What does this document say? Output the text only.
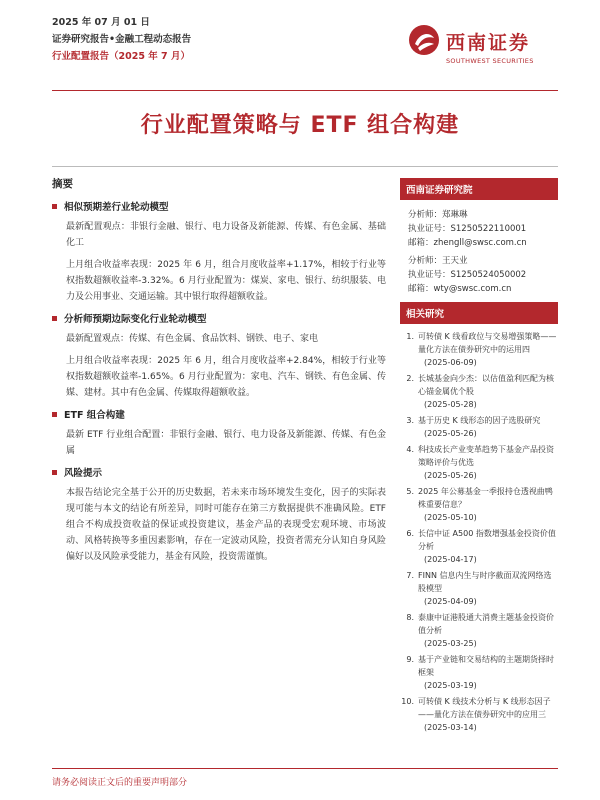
2025 年 07 月 01 日
证券研究报告•金融工程动态报告
行业配置报告（2025 年 7 月）
西南证券
SOUTHWEST SECURITIES
行业配置策略与 ETF 组合构建
摘要
相似预期差行业轮动模型

最新配置观点：非银行金融、银行、电力设备及新能源、传媒、有色金属、基础化工

上月组合收益率表现：2025 年 6 月，组合月度收益率+1.17%，相较于行业等权指数超额收益率-3.32%。6 月行业配置为：煤炭、家电、银行、纺织服装、电力及公用事业、交通运输。其中银行取得超额收益。

分析师预期边际变化行业轮动模型

最新配置观点：传媒、有色金属、食品饮料、钢铁、电子、家电

上月组合收益率表现：2025 年 6 月，组合月度收益率+2.84%，相较于行业等权指数超额收益率-1.65%。6 月行业配置为：家电、汽车、钢铁、有色金属、传媒、建材。其中有色金属、传媒取得超额收益。

ETF 组合构建

最新 ETF 行业组合配置：非银行金融、银行、电力设备及新能源、传媒、有色金属

风险提示

本报告结论完全基于公开的历史数据，若未来市场环境发生变化，因子的实际表现可能与本文的结论有所差异，同时可能存在第三方数据提供不准确风险。ETF 组合不构成投资收益的保证或投资建议，基金产品的表现受宏观环境、市场波动、风格转换等多重因素影响，存在一定波动风险，投资者需充分认知自身风险偏好以及风险承受能力，基金有风险，投资需谨慎。

西南证券研究院
分析师：郑琳琳
执业证号：S1250522110001
邮箱：zhengll@swsc.com.cn
分析师：王天业
执业证号：S1250524050002
邮箱：wty@swsc.com.cn
相关研究
1. 可转债 K 线看政位与交易增强策略——量化方法在债券研究中的运用四
(2025-06-09)
2. 长城基金向少杰：以估值盈利匹配为核心锚金属优个股
(2025-05-28)
3. 基于历史 K 线形态的因子选股研究
(2025-05-26)
4. 科技成长产业变革趋势下基金产品投资策略评价与优选
(2025-05-26)
5. 2025 年公募基金一季报持仓透视曲鸭株重要信息？
(2025-05-10)
6. 长信中证 A500 指数增强基金投资价值分析
(2025-04-17)
7. FINN 信息内生与时序截面双流网络选股模型
(2025-04-09)
8. 泰康中证港股通大消费主题基金投资价值分析
(2025-03-25)
9. 基于产业链和交易结构的主题期货择时框架
(2025-03-19)
10. 可转债 K 线技术分析与 K 线形态因子——量化方法在债券研究中的应用三
(2025-03-14)
请务必阅读正文后的重要声明部分
